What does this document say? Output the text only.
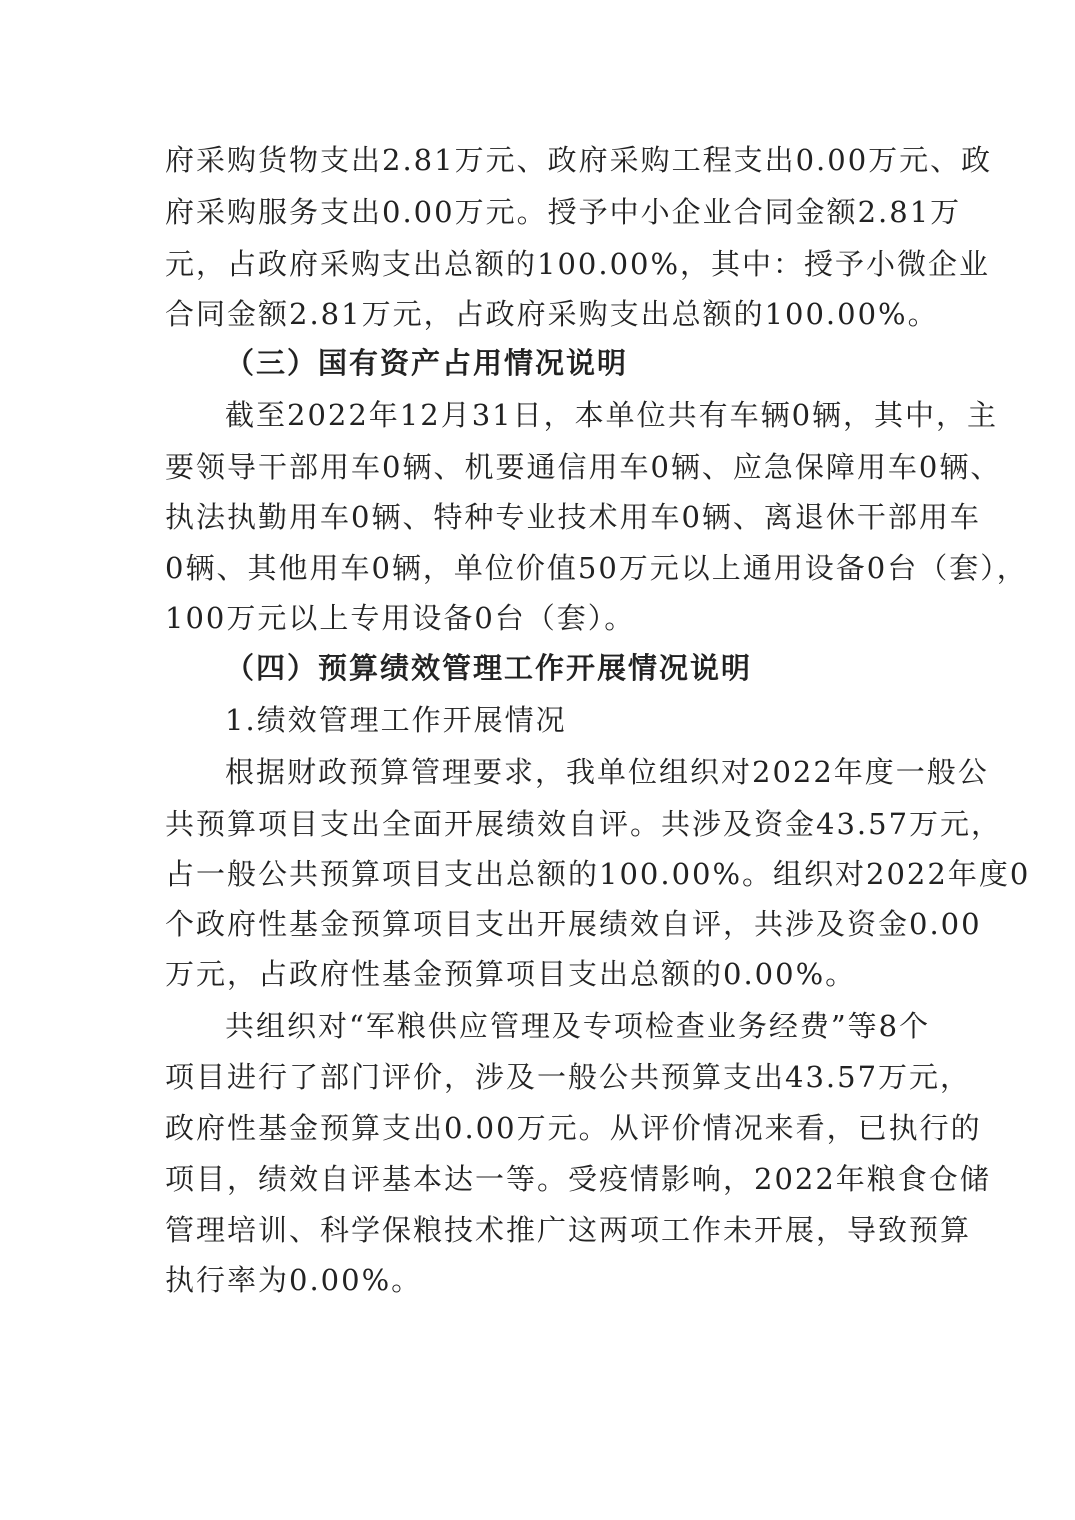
府采购货物支出2.81万元、政府采购工程支出0.00万元、政
府采购服务支出0.00万元。授予中小企业合同金额2.81万
元，占政府采购支出总额的100.00%，其中：授予小微企业
合同金额2.81万元，占政府采购支出总额的100.00%。
（三）国有资产占用情况说明
截至2022年12月31日，本单位共有车辆0辆，其中，主
要领导干部用车0辆、机要通信用车0辆、应急保障用车0辆、
执法执勤用车0辆、特种专业技术用车0辆、离退休干部用车
0辆、其他用车0辆，单位价值50万元以上通用设备0台（套），
100万元以上专用设备0台（套）。
（四）预算绩效管理工作开展情况说明
1.绩效管理工作开展情况
根据财政预算管理要求，我单位组织对2022年度一般公
共预算项目支出全面开展绩效自评。共涉及资金43.57万元，
占一般公共预算项目支出总额的100.00%。组织对2022年度0
个政府性基金预算项目支出开展绩效自评，共涉及资金0.00
万元，占政府性基金预算项目支出总额的0.00%。
共组织对“军粮供应管理及专项检查业务经费”等8个
项目进行了部门评价，涉及一般公共预算支出43.57万元，
政府性基金预算支出0.00万元。从评价情况来看，已执行的
项目，绩效自评基本达一等。受疫情影响，2022年粮食仓储
管理培训、科学保粮技术推广这两项工作未开展，导致预算
执行率为0.00%。
